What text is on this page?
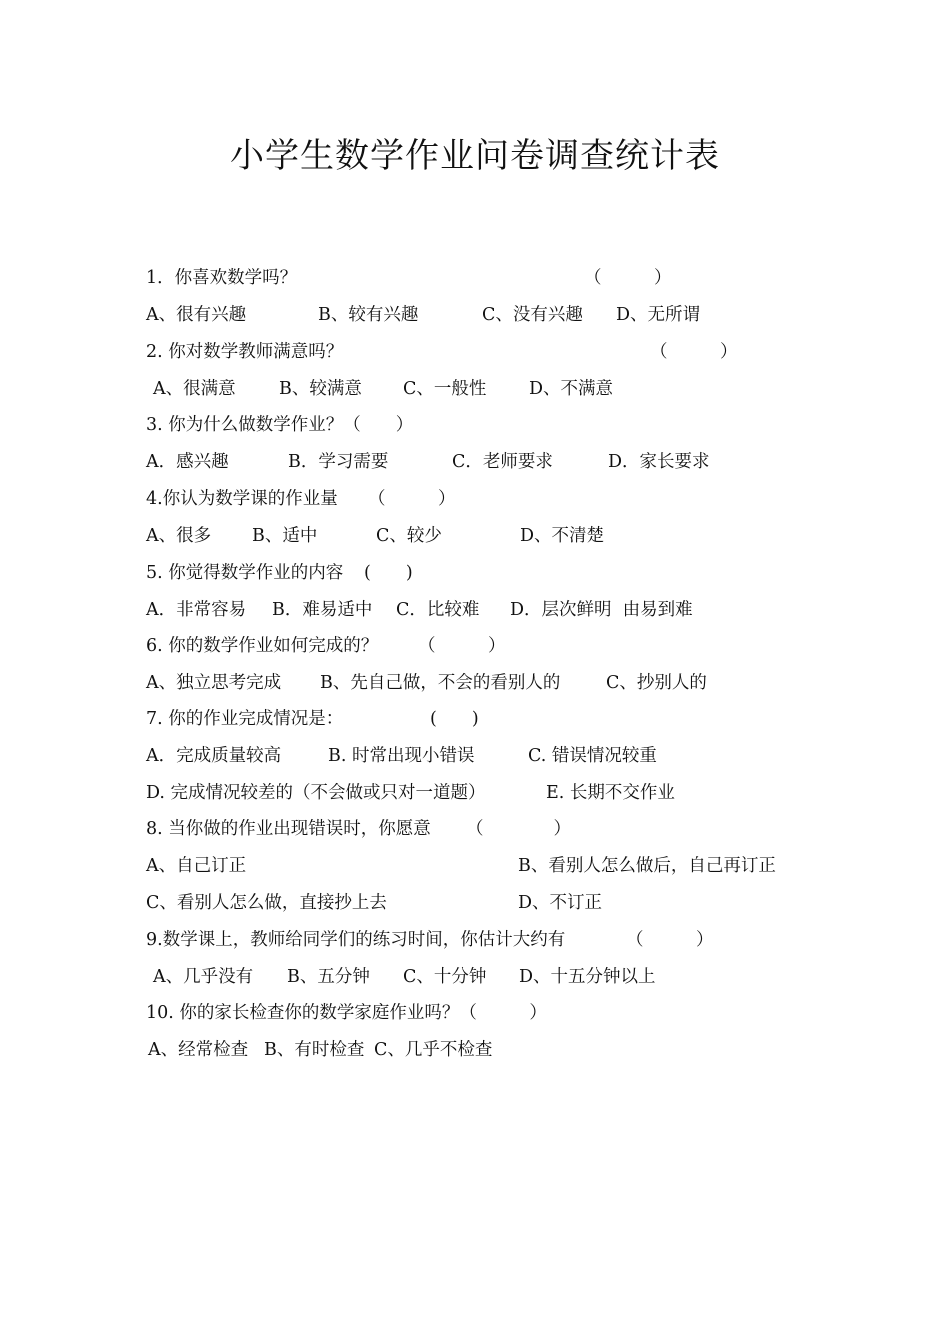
小学生数学作业问卷调查统计表

1．你喜欢数学吗？

	（　　　）

A、很有兴趣

	B、较有兴趣

	C、没有兴趣

D、无所谓

2. 你对数学教师满意吗？

	（　　　）

A、很满意

B、较满意

C、一般性

D、不满意

3. 你为什么做数学作业？（　　）

A．感兴趣

	B．学习需要

	C．老师要求

	D．家长要求

4.你认为数学课的作业量

（　　　）

A、很多

B、适中

	C、较少

	D、不清楚

5. 你觉得数学作业的内容

(　　)

A．非常容易

B．难易适中

C．比较难

D．层次鲜明  由易到难

6. 你的数学作业如何完成的？

（　　　）

A、独立思考完成

B、先自己做，不会的看别人的

	C、抄别人的

7. 你的作业完成情况是：

	(　　)

A．完成质量较高

	B. 时常出现小错误

	C. 错误情况较重

D. 完成情况较差的（不会做或只对一道题）

	E. 长期不交作业

8. 当你做的作业出现错误时，你愿意

（　　　　）

A、自己订正

	B、看别人怎么做后，自己再订正

C、看别人怎么做，直接抄上去

	D、不订正

9.数学课上，教师给同学们的练习时间，你估计大约有

	（　　　）

A、几乎没有

B、五分钟

C、十分钟

D、十五分钟以上

10. 你的家长检查你的数学家庭作业吗？（　　　）

A、经常检查

B、有时检查

C、几乎不检查
